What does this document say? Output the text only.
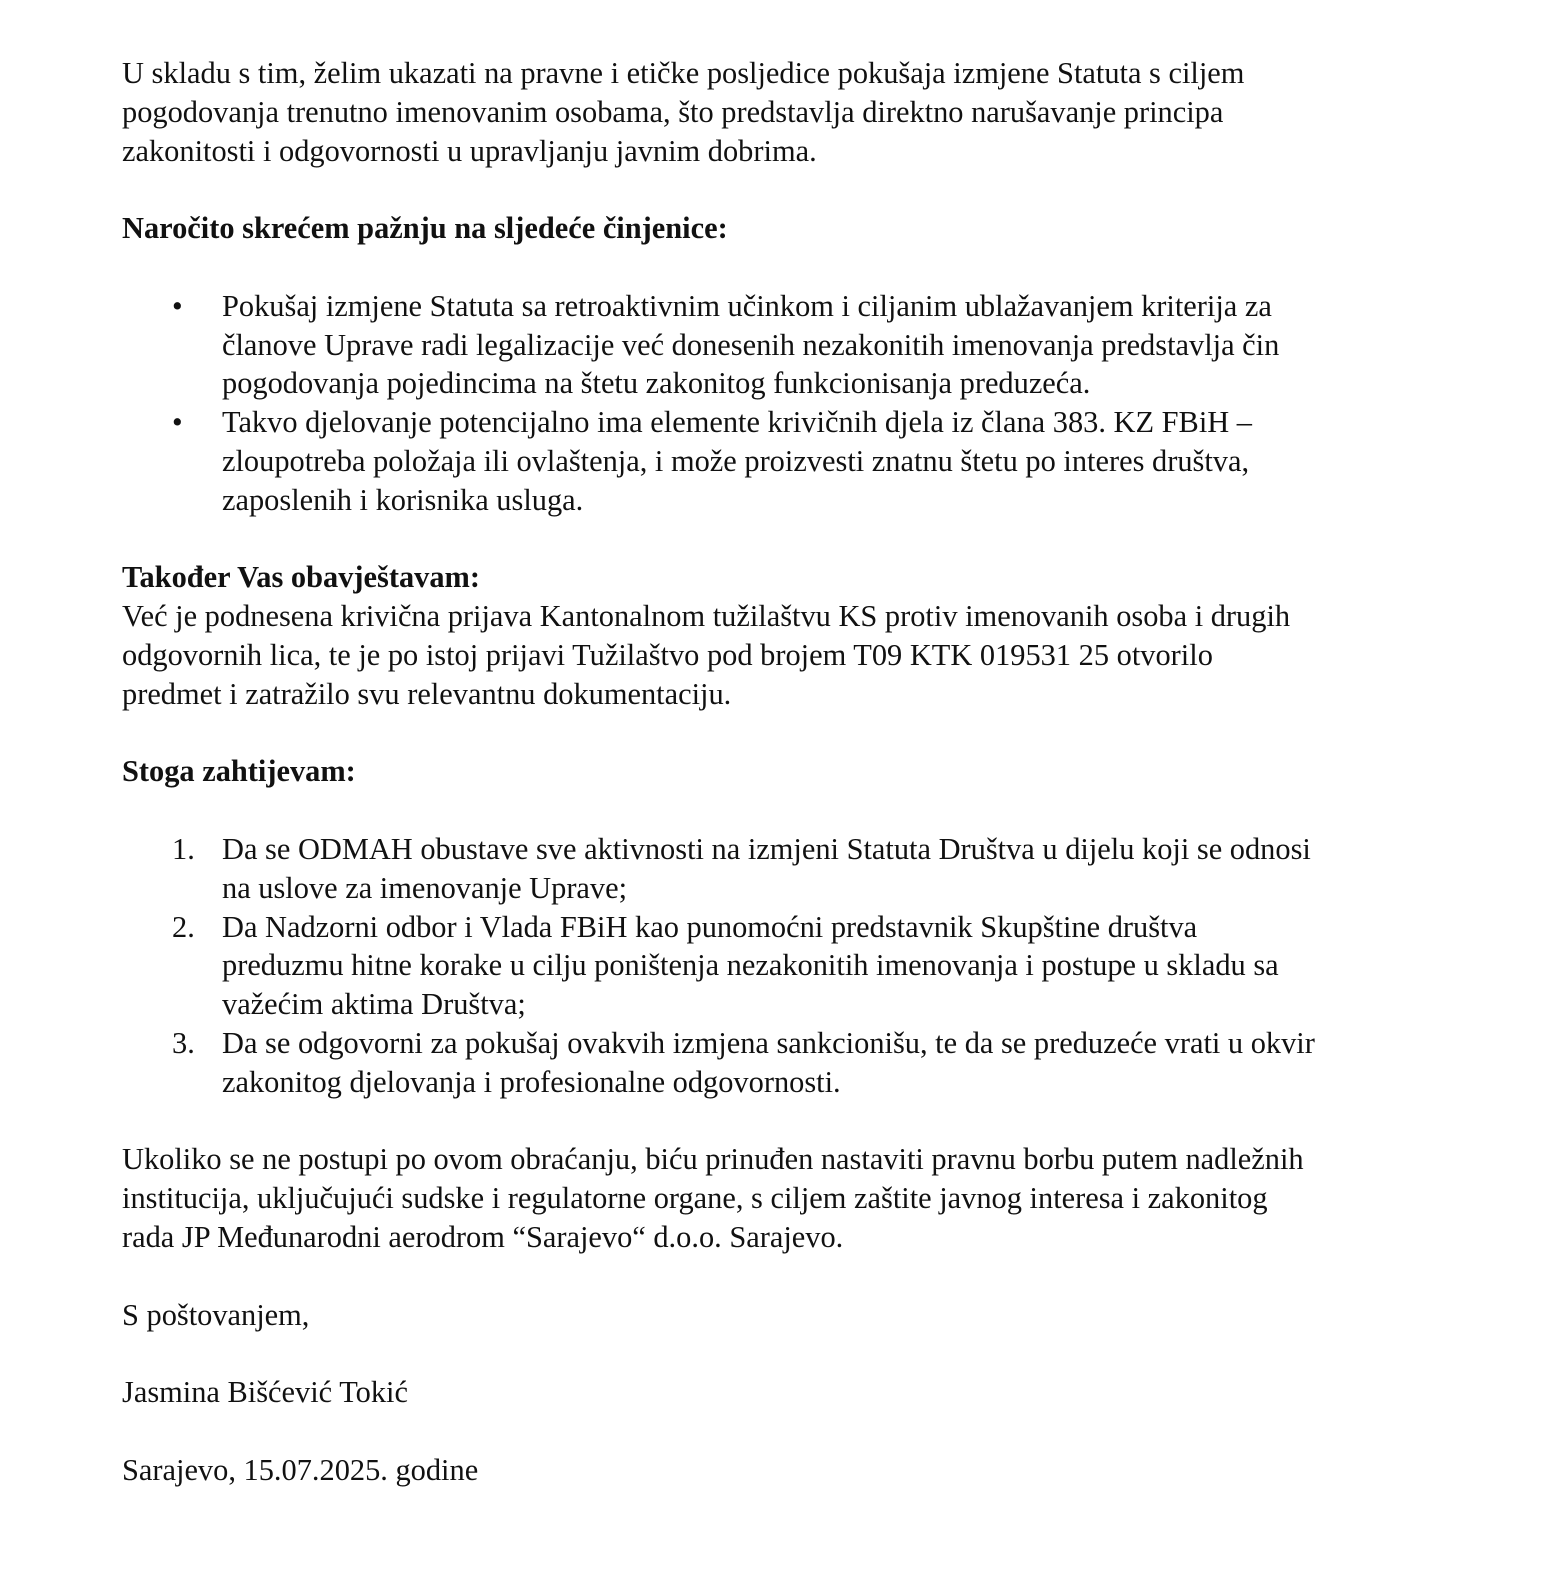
U skladu s tim, želim ukazati na pravne i etičke posljedice pokušaja izmjene Statuta s ciljem
pogodovanja trenutno imenovanim osobama, što predstavlja direktno narušavanje principa
zakonitosti i odgovornosti u upravljanju javnim dobrima.

Naročito skrećem pažnju na sljedeće činjenice:

• Pokušaj izmjene Statuta sa retroaktivnim učinkom i ciljanim ublažavanjem kriterija za
članove Uprave radi legalizacije već donesenih nezakonitih imenovanja predstavlja čin
pogodovanja pojedincima na štetu zakonitog funkcionisanja preduzeća.
• Takvo djelovanje potencijalno ima elemente krivičnih djela iz člana 383. KZ FBiH –
zloupotreba položaja ili ovlaštenja, i može proizvesti znatnu štetu po interes društva,
zaposlenih i korisnika usluga.

Također Vas obavještavam:

Već je podnesena krivična prijava Kantonalnom tužilaštvu KS protiv imenovanih osoba i drugih
odgovornih lica, te je po istoj prijavi Tužilaštvo pod brojem T09 KTK 019531 25 otvorilo
predmet i zatražilo svu relevantnu dokumentaciju.

Stoga zahtijevam:

1. Da se ODMAH obustave sve aktivnosti na izmjeni Statuta Društva u dijelu koji se odnosi
na uslove za imenovanje Uprave;
2. Da Nadzorni odbor i Vlada FBiH kao punomoćni predstavnik Skupštine društva
preduzmu hitne korake u cilju poništenja nezakonitih imenovanja i postupe u skladu sa
važećim aktima Društva;
3. Da se odgovorni za pokušaj ovakvih izmjena sankcionišu, te da se preduzeće vrati u okvir
zakonitog djelovanja i profesionalne odgovornosti.

Ukoliko se ne postupi po ovom obraćanju, biću prinuđen nastaviti pravnu borbu putem nadležnih
institucija, uključujući sudske i regulatorne organe, s ciljem zaštite javnog interesa i zakonitog
rada JP Međunarodni aerodrom “Sarajevo“ d.o.o. Sarajevo.

S poštovanjem,

Jasmina Bišćević Tokić

Sarajevo, 15.07.2025. godine
